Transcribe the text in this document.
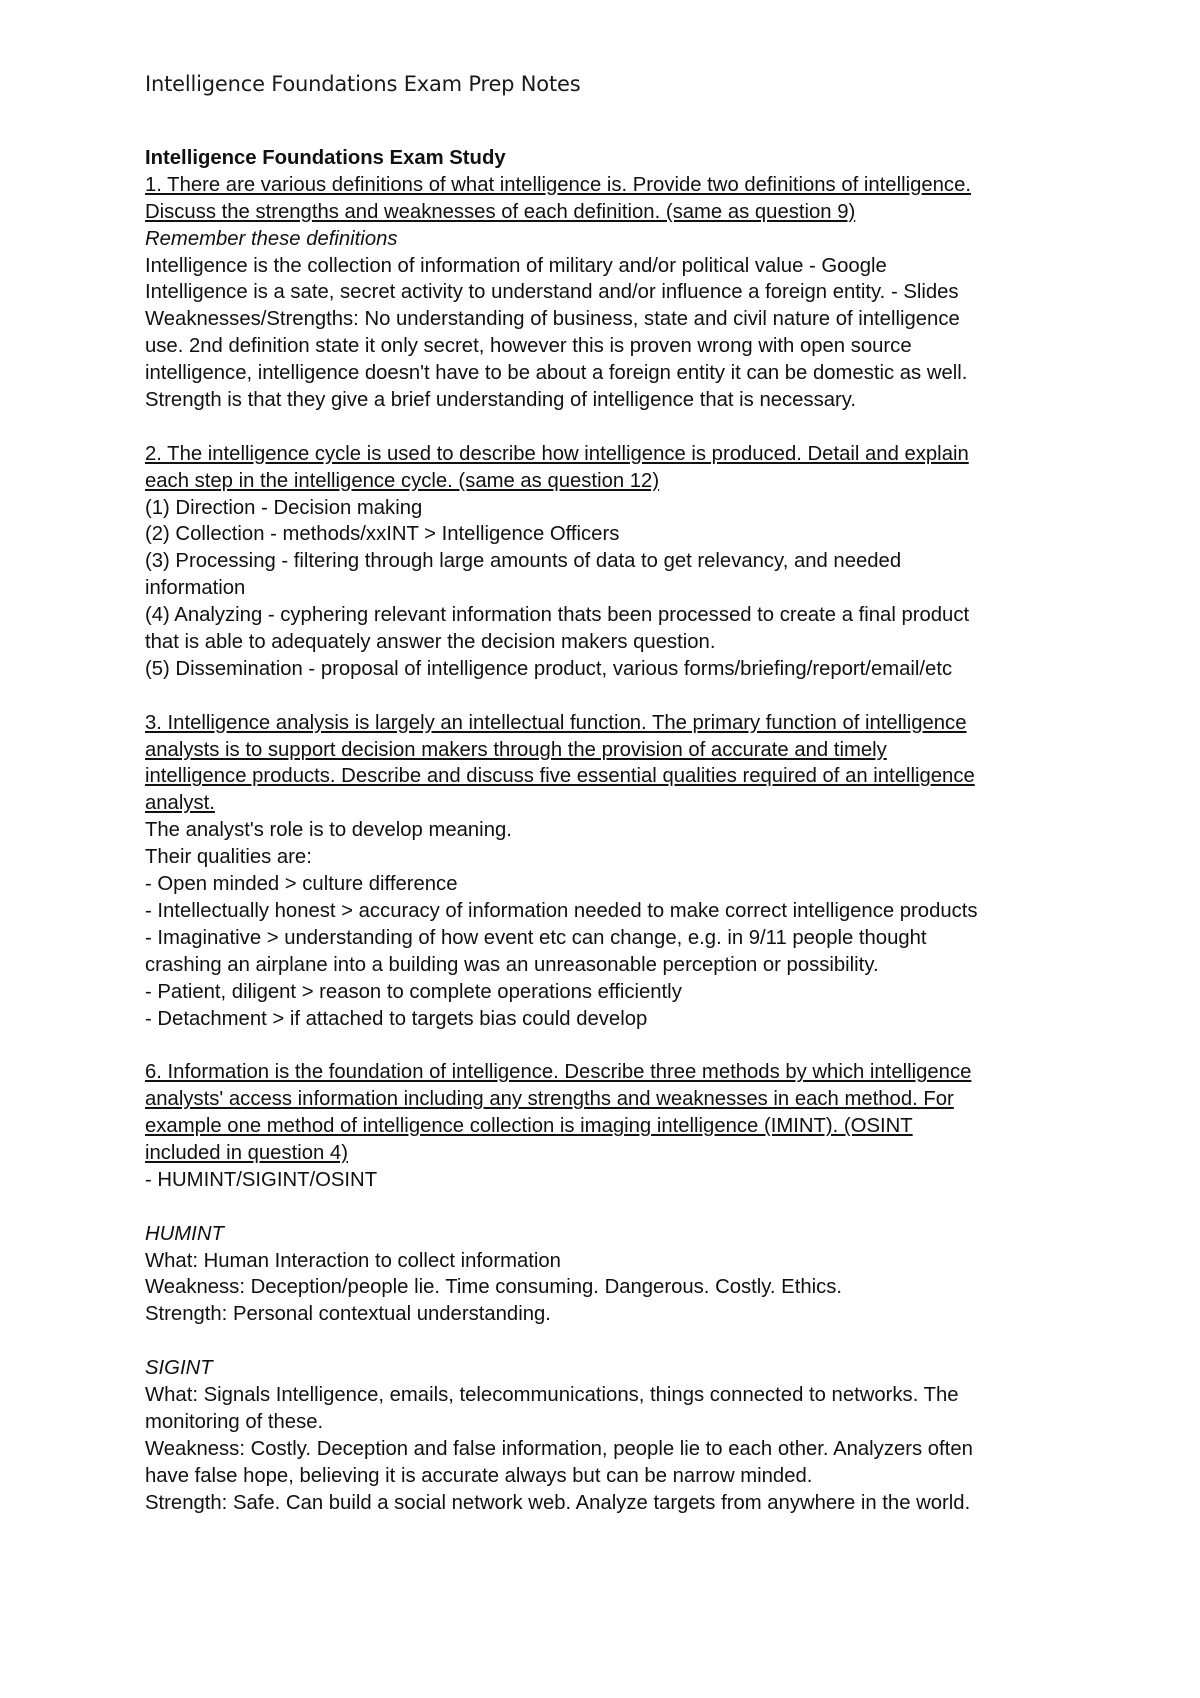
Intelligence Foundations Exam Prep Notes
Intelligence Foundations Exam Study
1. There are various definitions of what intelligence is. Provide two definitions of intelligence.
Discuss the strengths and weaknesses of each definition. (same as question 9)
Remember these definitions
Intelligence is the collection of information of military and/or political value - Google
Intelligence is a sate, secret activity to understand and/or influence a foreign entity. - Slides
Weaknesses/Strengths: No understanding of business, state and civil nature of intelligence
use. 2nd definition state it only secret, however this is proven wrong with open source
intelligence, intelligence doesn't have to be about a foreign entity it can be domestic as well.
Strength is that they give a brief understanding of intelligence that is necessary.
2. The intelligence cycle is used to describe how intelligence is produced. Detail and explain
each step in the intelligence cycle. (same as question 12)
(1) Direction - Decision making
(2) Collection - methods/xxINT > Intelligence Officers
(3) Processing - filtering through large amounts of data to get relevancy, and needed
information
(4) Analyzing - cyphering relevant information thats been processed to create a final product
that is able to adequately answer the decision makers question.
(5) Dissemination - proposal of intelligence product, various forms/briefing/report/email/etc
3. Intelligence analysis is largely an intellectual function. The primary function of intelligence
analysts is to support decision makers through the provision of accurate and timely
intelligence products. Describe and discuss five essential qualities required of an intelligence
analyst.
The analyst's role is to develop meaning.
Their qualities are:
- Open minded > culture difference
- Intellectually honest > accuracy of information needed to make correct intelligence products
- Imaginative > understanding of how event etc can change, e.g. in 9/11 people thought
crashing an airplane into a building was an unreasonable perception or possibility.
- Patient, diligent > reason to complete operations efficiently
- Detachment > if attached to targets bias could develop
6. Information is the foundation of intelligence. Describe three methods by which intelligence
analysts' access information including any strengths and weaknesses in each method. For
example one method of intelligence collection is imaging intelligence (IMINT). (OSINT
included in question 4)
- HUMINT/SIGINT/OSINT
HUMINT
What: Human Interaction to collect information
Weakness: Deception/people lie. Time consuming. Dangerous. Costly. Ethics.
Strength: Personal contextual understanding.
SIGINT
What: Signals Intelligence, emails, telecommunications, things connected to networks. The
monitoring of these.
Weakness: Costly. Deception and false information, people lie to each other. Analyzers often
have false hope, believing it is accurate always but can be narrow minded.
Strength: Safe. Can build a social network web. Analyze targets from anywhere in the world.
